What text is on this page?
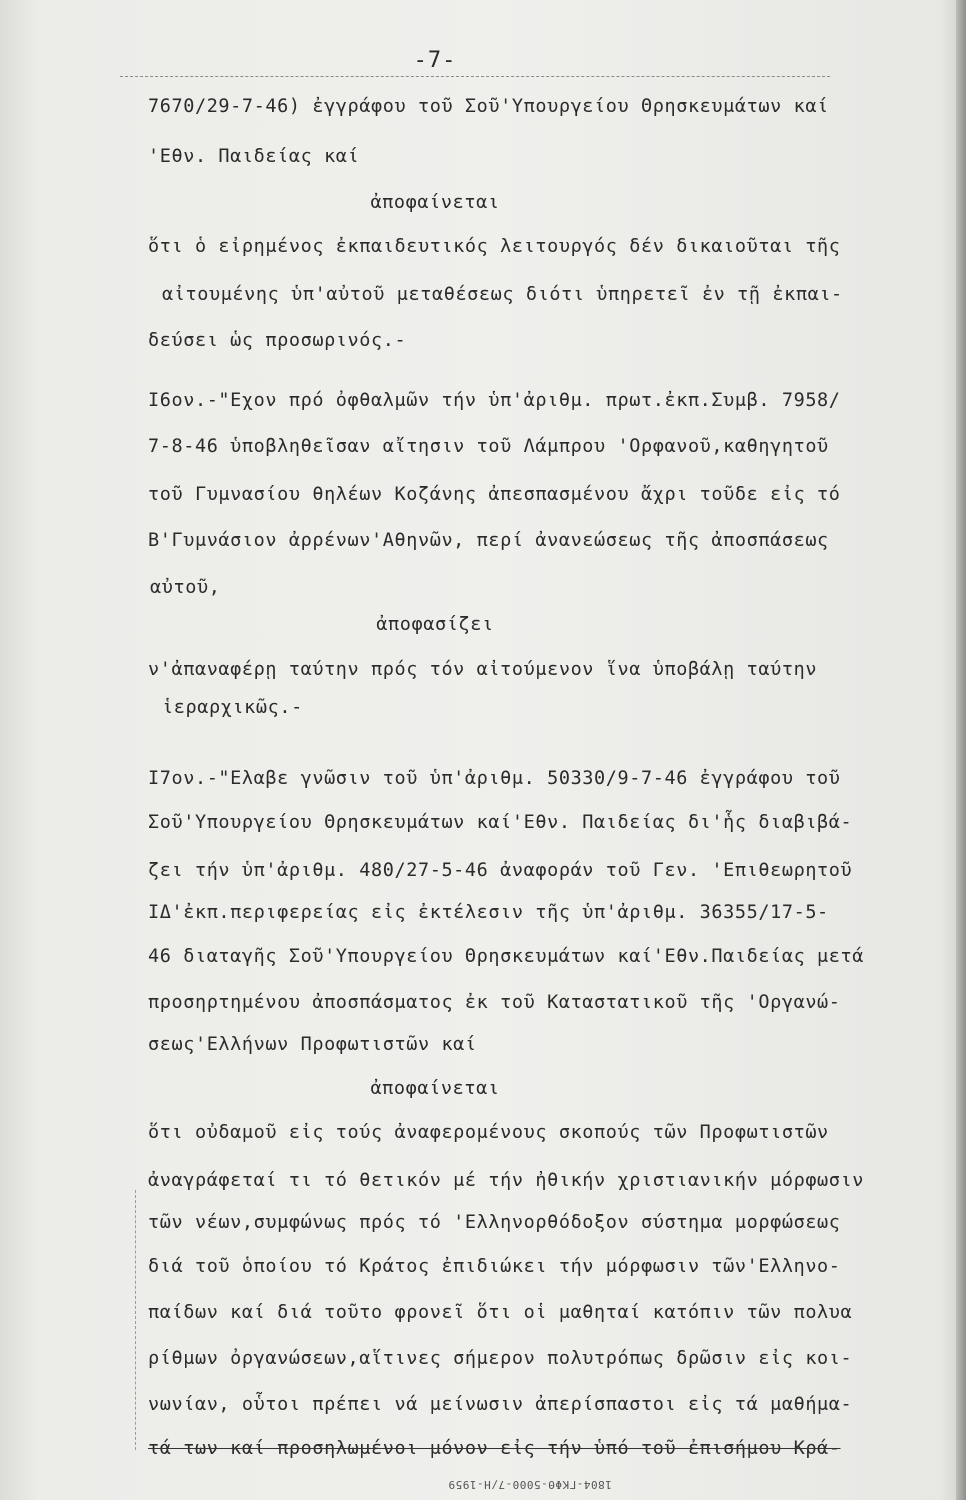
-7-
7670/29-7-46) ἐγγράφου τοῦ Σοῦ'Υπουργείου Θρησκευμάτων καί
'Εθν. Παιδείας καί
ἀποφαίνεται
ὅτι ὁ εἰρημένος ἐκπαιδευτικός λειτουργός δέν δικαιοῦται τῆς
αἰτουμένης ὑπ'αὐτοῦ μεταθέσεως διότι ὑπηρετεῖ ἐν τῇ ἐκπαι-
δεύσει ὡς προσωρινός.-
Ι6ον.-"Εχον πρό ὀφθαλμῶν τήν ὑπ'ἀριθμ. πρωτ.ἐκπ.Συμβ. 7958/
7-8-46 ὑποβληθεῖσαν αἴτησιν τοῦ Λάμπρου 'Ορφανοῦ,καθηγητοῦ
τοῦ Γυμνασίου θηλέων Κοζάνης ἀπεσπασμένου ἄχρι τοῦδε εἰς τό
Β'Γυμνάσιον ἀρρένων'Αθηνῶν, περί ἀνανεώσεως τῆς ἀποσπάσεως
αὐτοῦ,
ἀποφασίζει
ν'ἀπαναφέρῃ ταύτην πρός τόν αἰτούμενον ἵνα ὑποβάλῃ ταύτην
ἱεραρχικῶς.-
Ι7ον.-"Ελαβε γνῶσιν τοῦ ὑπ'ἀριθμ. 50330/9-7-46 ἐγγράφου τοῦ
Σοῦ'Υπουργείου Θρησκευμάτων καί'Εθν. Παιδείας δι'ἧς διαβιβά-
ζει τήν ὑπ'ἀριθμ. 480/27-5-46 ἀναφοράν τοῦ Γεν. 'Επιθεωρητοῦ
ΙΔ'ἐκπ.περιφερείας εἰς ἐκτέλεσιν τῆς ὑπ'ἀριθμ. 36355/17-5-
46 διαταγῆς Σοῦ'Υπουργείου Θρησκευμάτων καί'Εθν.Παιδείας μετά
προσηρτημένου ἀποσπάσματος ἐκ τοῦ Καταστατικοῦ τῆς 'Οργανώ-
σεως'Ελλήνων Προφωτιστῶν καί
ἀποφαίνεται
ὅτι οὐδαμοῦ εἰς τούς ἀναφερομένους σκοπούς τῶν Προφωτιστῶν
ἀναγράφεταί τι τό θετικόν μέ τήν ἠθικήν χριστιανικήν μόρφωσιν
τῶν νέων,συμφώνως πρός τό 'Ελληνορθόδοξον σύστημα μορφώσεως
διά τοῦ ὁποίου τό Κράτος ἐπιδιώκει τήν μόρφωσιν τῶν'Ελληνο-
παίδων καί διά τοῦτο φρονεῖ ὅτι οἱ μαθηταί κατόπιν τῶν πολυα
ρίθμων ὀργανώσεων,αἵτινες σήμερον πολυτρόπως δρῶσιν εἰς κοι-
νωνίαν, οὗτοι πρέπει νά μείνωσιν ἀπερίσπαστοι εἰς τά μαθήμα-
τά των καί προσηλωμένοι μόνον εἰς τήν ὑπό τοῦ ἐπισήμου Κρά-
1804-ΓΚΦΘ-5000-7/Η-1959
